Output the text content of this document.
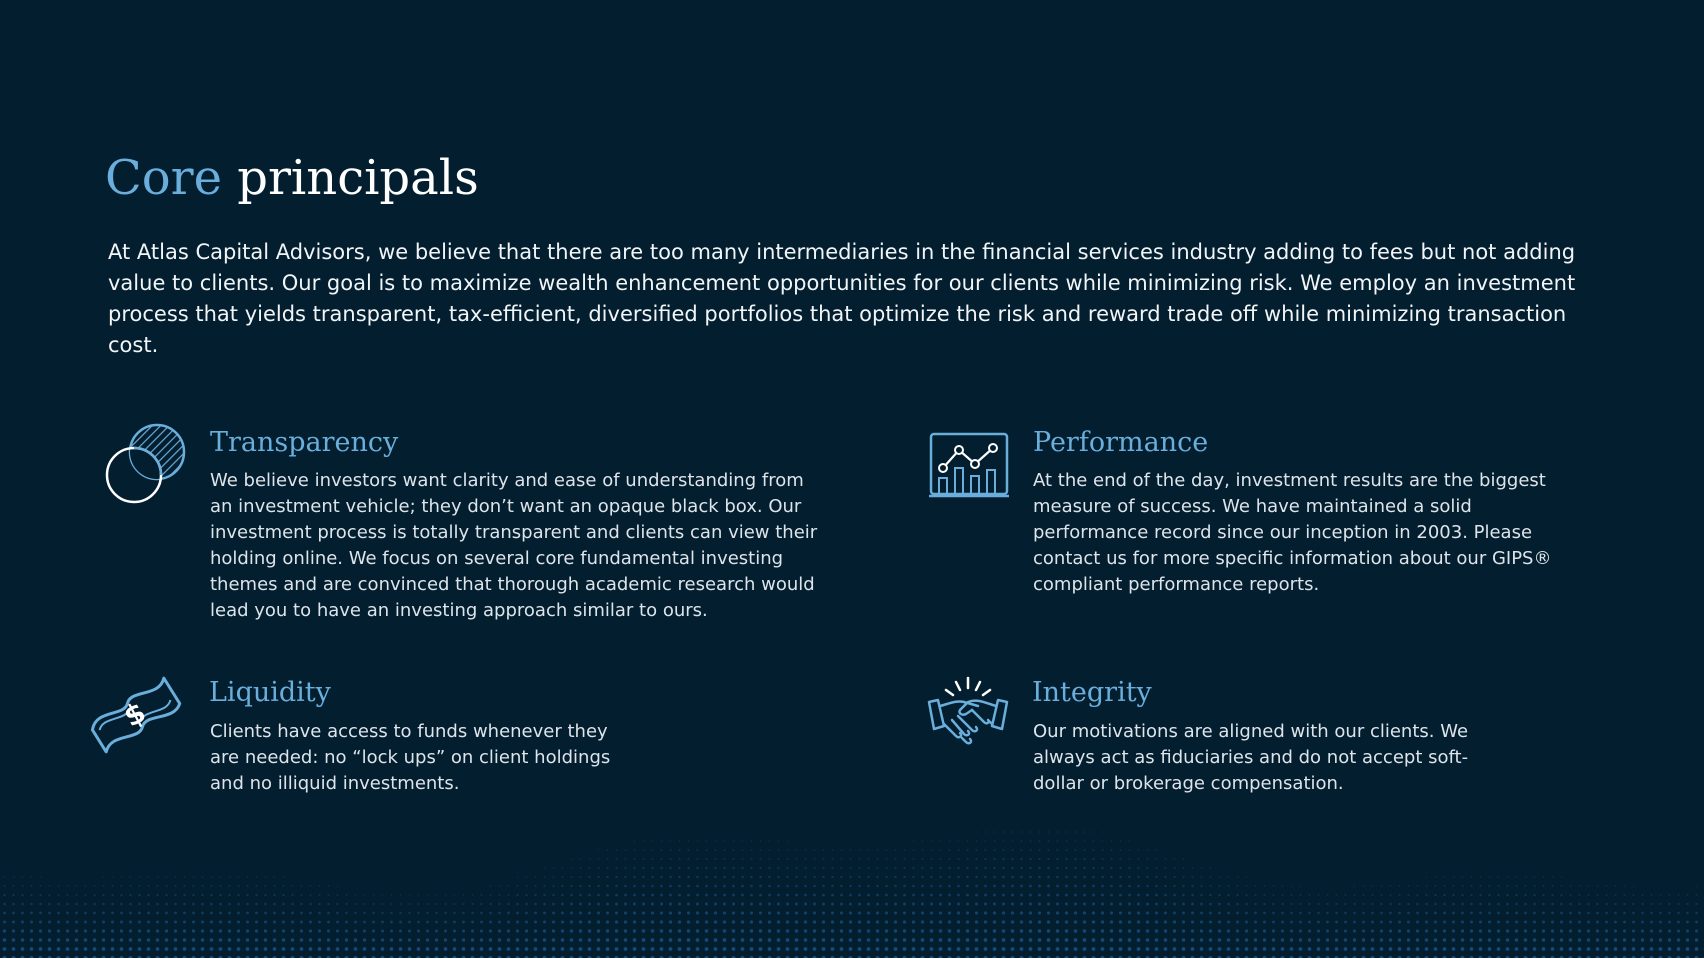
Core principals

At Atlas Capital Advisors, we believe that there are too many intermediaries in the financial services industry adding to fees but not adding value to clients. Our goal is to maximize wealth enhancement opportunities for our clients while minimizing risk. We employ an investment process that yields transparent, tax-efficient, diversified portfolios that optimize the risk and reward trade off while minimizing transaction cost.

Transparency

We believe investors want clarity and ease of understanding from an investment vehicle; they don’t want an opaque black box. Our investment process is totally transparent and clients can view their holding online. We focus on several core fundamental investing themes and are convinced that thorough academic research would lead you to have an investing approach similar to ours.

Performance

At the end of the day, investment results are the biggest measure of success. We have maintained a solid performance record since our inception in 2003. Please contact us for more specific information about our GIPS® compliant performance reports.

$
Liquidity

Clients have access to funds whenever they are needed: no “lock ups” on client holdings and no illiquid investments.

Integrity

Our motivations are aligned with our clients. We always act as fiduciaries and do not accept soft-dollar or brokerage compensation.
